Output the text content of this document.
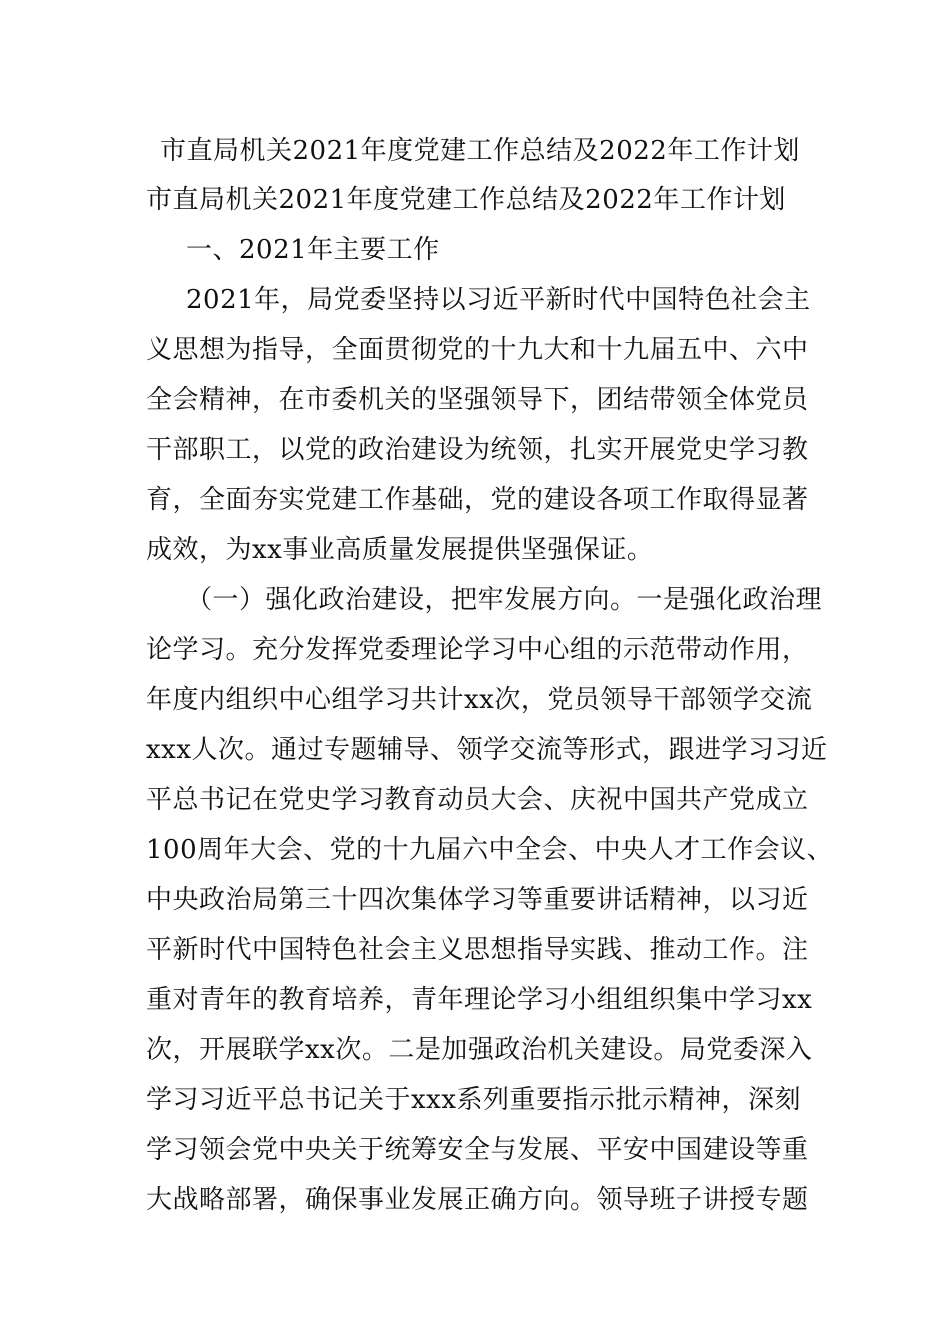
市直局机关2021年度党建工作总结及2022年工作计划
市直局机关2021年度党建工作总结及2022年工作计划
一、2021年主要工作
2021年，局党委坚持以习近平新时代中国特色社会主
义思想为指导，全面贯彻党的十九大和十九届五中、六中
全会精神，在市委机关的坚强领导下，团结带领全体党员
干部职工，以党的政治建设为统领，扎实开展党史学习教
育，全面夯实党建工作基础，党的建设各项工作取得显著
成效，为xx事业高质量发展提供坚强保证。
（一）强化政治建设，把牢发展方向。一是强化政治理
论学习。充分发挥党委理论学习中心组的示范带动作用，
年度内组织中心组学习共计xx次，党员领导干部领学交流
xxx人次。通过专题辅导、领学交流等形式，跟进学习习近
平总书记在党史学习教育动员大会、庆祝中国共产党成立
100周年大会、党的十九届六中全会、中央人才工作会议、
中央政治局第三十四次集体学习等重要讲话精神，以习近
平新时代中国特色社会主义思想指导实践、推动工作。注
重对青年的教育培养，青年理论学习小组组织集中学习xx
次，开展联学xx次。二是加强政治机关建设。局党委深入
学习习近平总书记关于xxx系列重要指示批示精神，深刻
学习领会党中央关于统筹安全与发展、平安中国建设等重
大战略部署，确保事业发展正确方向。领导班子讲授专题
